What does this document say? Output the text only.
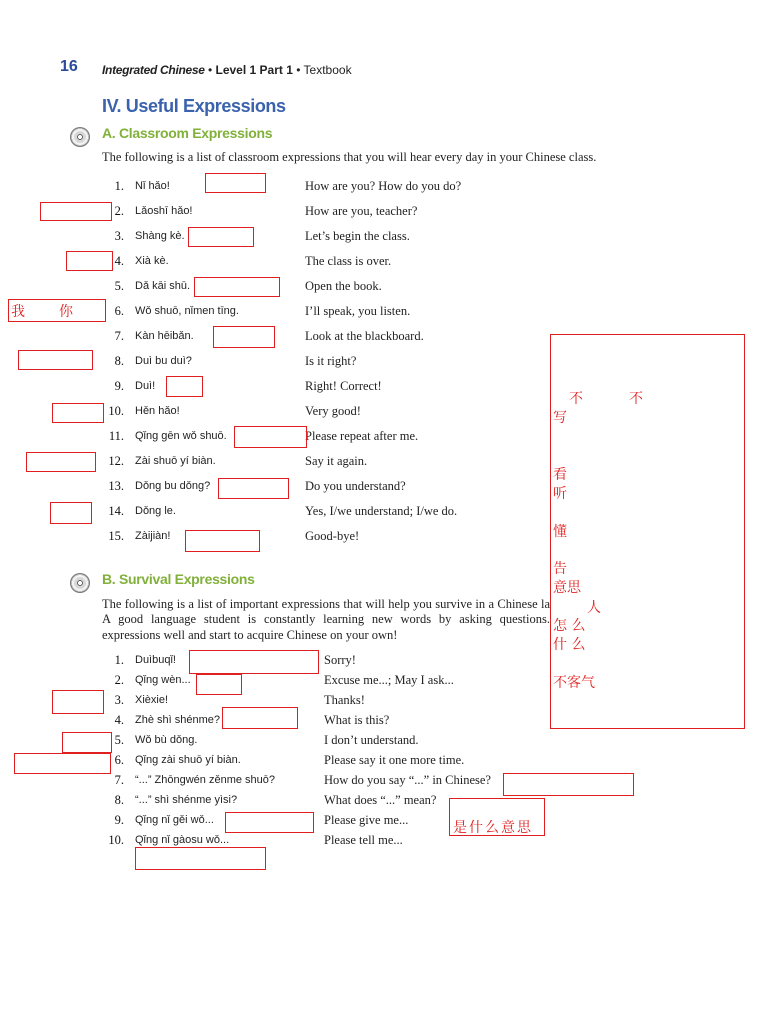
16 Integrated Chinese • Level 1 Part 1 • Textbook
IV. Useful Expressions
A. Classroom Expressions
The following is a list of classroom expressions that you will hear every day in your Chinese class.
1. Nǐ hǎo!	How are you? How do you do?
2. Lǎoshī hǎo!	How are you, teacher?
3. Shàng kè.	Let’s begin the class.
4. Xià kè.	The class is over.
5. Dǎ kāi shū.	Open the book.
6. Wǒ shuō, nǐmen tīng.	I’ll speak, you listen.
7. Kàn hēibǎn.	Look at the blackboard.
8. Duì bu duì?	Is it right?
9. Duì!	Right! Correct!
10. Hěn hǎo!	Very good!
11. Qǐng gēn wǒ shuō.	Please repeat after me.
12. Zài shuō yí biàn.	Say it again.
13. Dǒng bu dǒng?	Do you understand?
14. Dǒng le.	Yes, I/we understand; I/we do.
15. Zàijiàn!	Good-bye!
B. Survival Expressions
The following is a list of important expressions that will help you survive in a Chinese la A good language student is constantly learning new words by asking questions. expressions well and start to acquire Chinese on your own!
1. Duìbuqǐ!	Sorry!
2. Qǐng wèn...	Excuse me...; May I ask...
3. Xièxie!	Thanks!
4. Zhè shì shénme?	What is this?
5. Wǒ bù dǒng.	I don’t understand.
6. Qǐng zài shuō yí biàn.	Please say it one more time.
7. “...” Zhōngwén zěnme shuō?	How do you say “...” in Chinese?
8. “...” shì shénme yìsi?	What does “...” mean?
9. Qǐng nǐ gěi wǒ...	Please give me...
10. Qǐng nǐ gàosu wǒ...	Please tell me...
我 你
是什么意思
不	不
写
看
听
懂
告
意思
人
怎 么
什 么
不客气
